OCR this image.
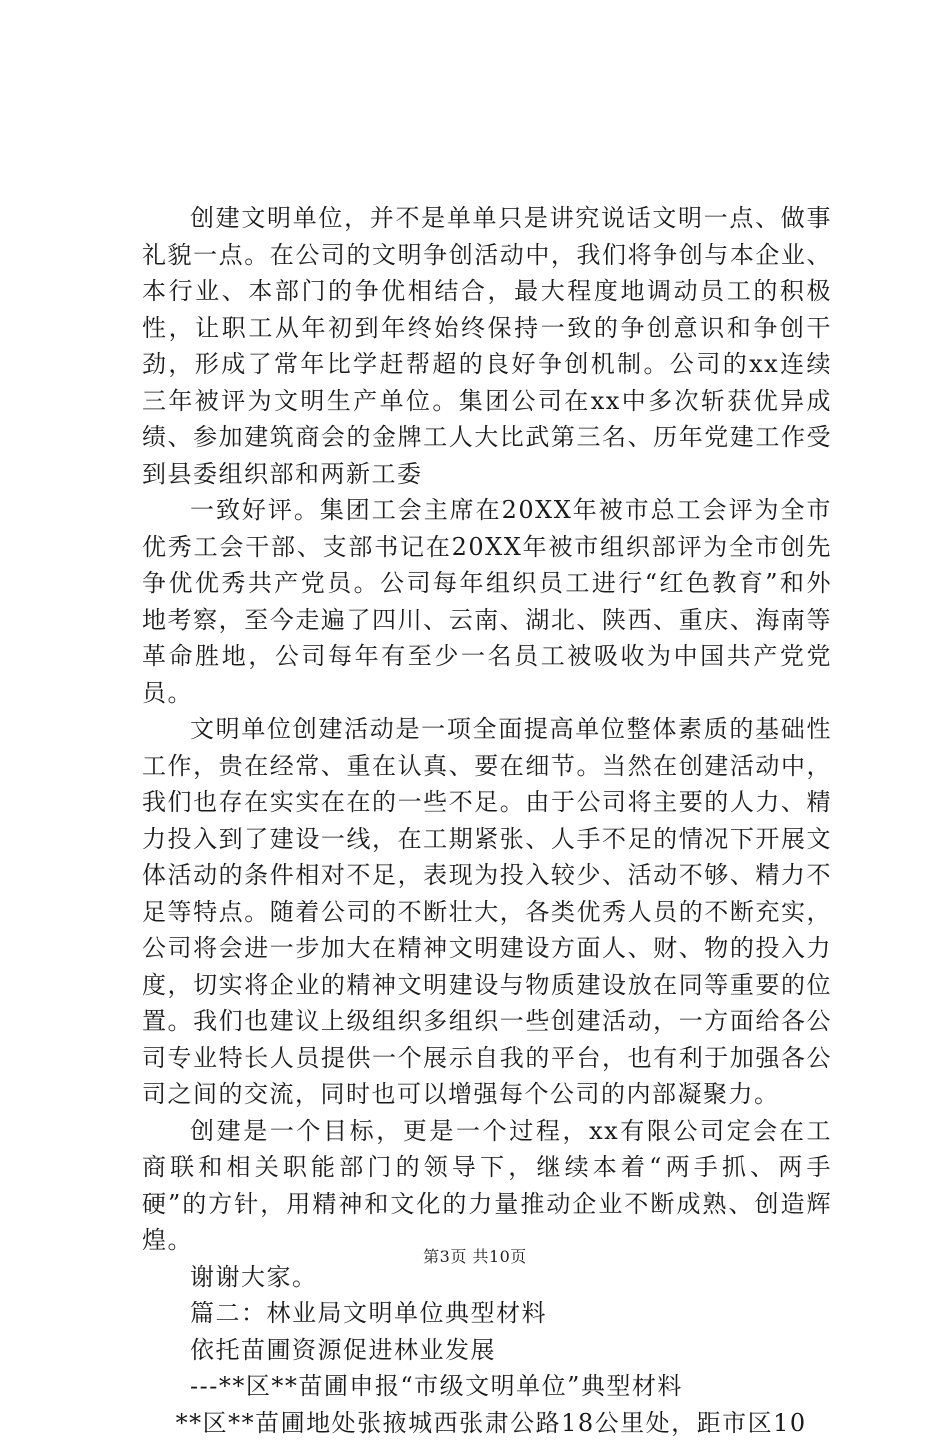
创建文明单位，并不是单单只是讲究说话文明一点、做事礼貌一点。在公司的文明争创活动中，我们将争创与本企业、本行业、本部门的争优相结合，最大程度地调动员工的积极性，让职工从年初到年终始终保持一致的争创意识和争创干劲，形成了常年比学赶帮超的良好争创机制。公司的xx连续三年被评为文明生产单位。集团公司在xx中多次斩获优异成绩、参加建筑商会的金牌工人大比武第三名、历年党建工作受到县委组织部和两新工委

一致好评。集团工会主席在20XX年被市总工会评为全市优秀工会干部、支部书记在20XX年被市组织部评为全市创先争优优秀共产党员。公司每年组织员工进行“红色教育”和外地考察，至今走遍了四川、云南、湖北、陕西、重庆、海南等革命胜地，公司每年有至少一名员工被吸收为中国共产党党员。

文明单位创建活动是一项全面提高单位整体素质的基础性工作，贵在经常、重在认真、要在细节。当然在创建活动中，我们也存在实实在在的一些不足。由于公司将主要的人力、精力投入到了建设一线，在工期紧张、人手不足的情况下开展文体活动的条件相对不足，表现为投入较少、活动不够、精力不足等特点。随着公司的不断壮大，各类优秀人员的不断充实，公司将会进一步加大在精神文明建设方面人、财、物的投入力度，切实将企业的精神文明建设与物质建设放在同等重要的位置。我们也建议上级组织多组织一些创建活动，一方面给各公司专业特长人员提供一个展示自我的平台，也有利于加强各公司之间的交流，同时也可以增强每个公司的内部凝聚力。

创建是一个目标，更是一个过程，xx有限公司定会在工商联和相关职能部门的领导下，继续本着“两手抓、两手硬”的方针，用精神和文化的力量推动企业不断成熟、创造辉煌。

谢谢大家。

篇二：林业局文明单位典型材料

依托苗圃资源促进林业发展

---**区**苗圃申报“市级文明单位”典型材料

**区**苗圃地处张掖城西张肃公路18公里处，距市区10

第3页 共10页
